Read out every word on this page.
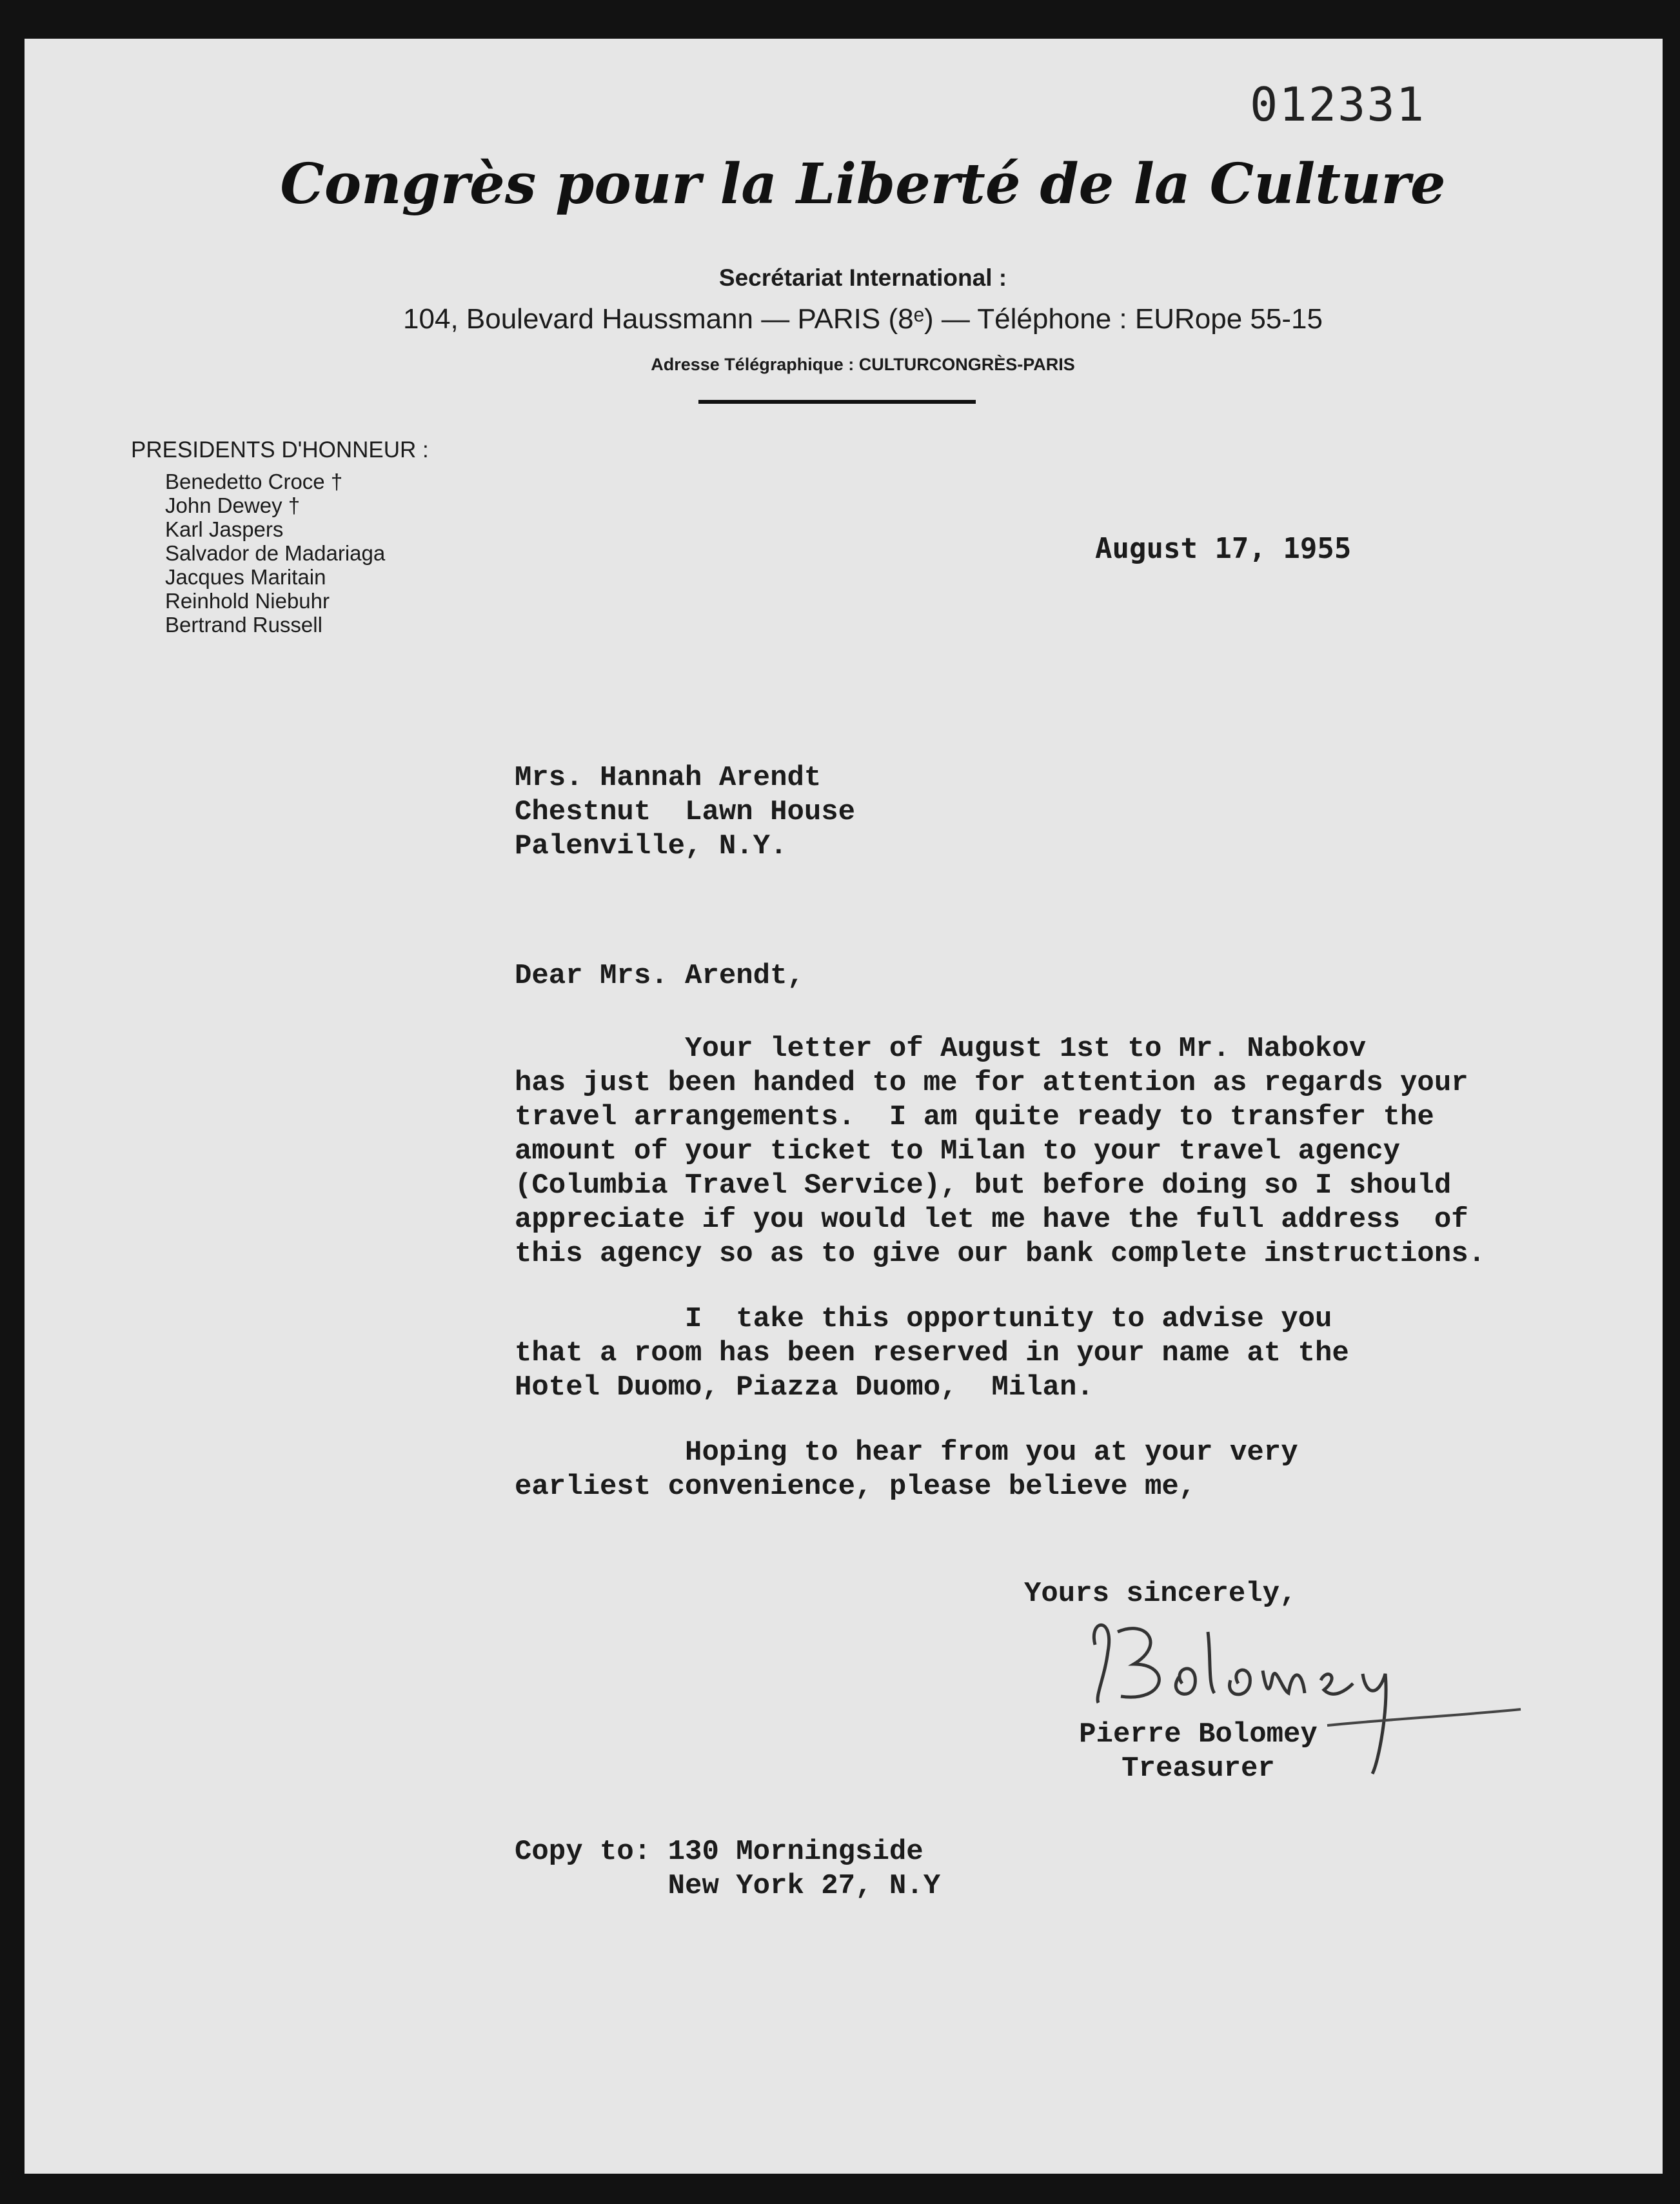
012331
Congrès pour la Liberté de la Culture
Secrétariat International :
104, Boulevard Haussmann — PARIS (8ᵉ) — Téléphone : EURope 55-15
Adresse Télégraphique : CULTURCONGRÈS-PARIS
PRESIDENTS D'HONNEUR :
Benedetto Croce †
John Dewey †
Karl Jaspers
Salvador de Madariaga
Jacques Maritain
Reinhold Niebuhr
Bertrand Russell
August 17, 1955
Mrs. Hannah Arendt
Chestnut  Lawn House
Palenville, N.Y.
Dear Mrs. Arendt,
Your letter of August 1st to Mr. Nabokov
has just been handed to me for attention as regards your
travel arrangements.  I am quite ready to transfer the
amount of your ticket to Milan to your travel agency
(Columbia Travel Service), but before doing so I should
appreciate if you would let me have the full address  of
this agency so as to give our bank complete instructions.
I  take this opportunity to advise you
that a room has been reserved in your name at the
Hotel Duomo, Piazza Duomo,  Milan.
Hoping to hear from you at your very
earliest convenience, please believe me,
Yours sincerely,
Pierre Bolomey
Treasurer
Copy to: 130 Morningside
New York 27, N.Y
